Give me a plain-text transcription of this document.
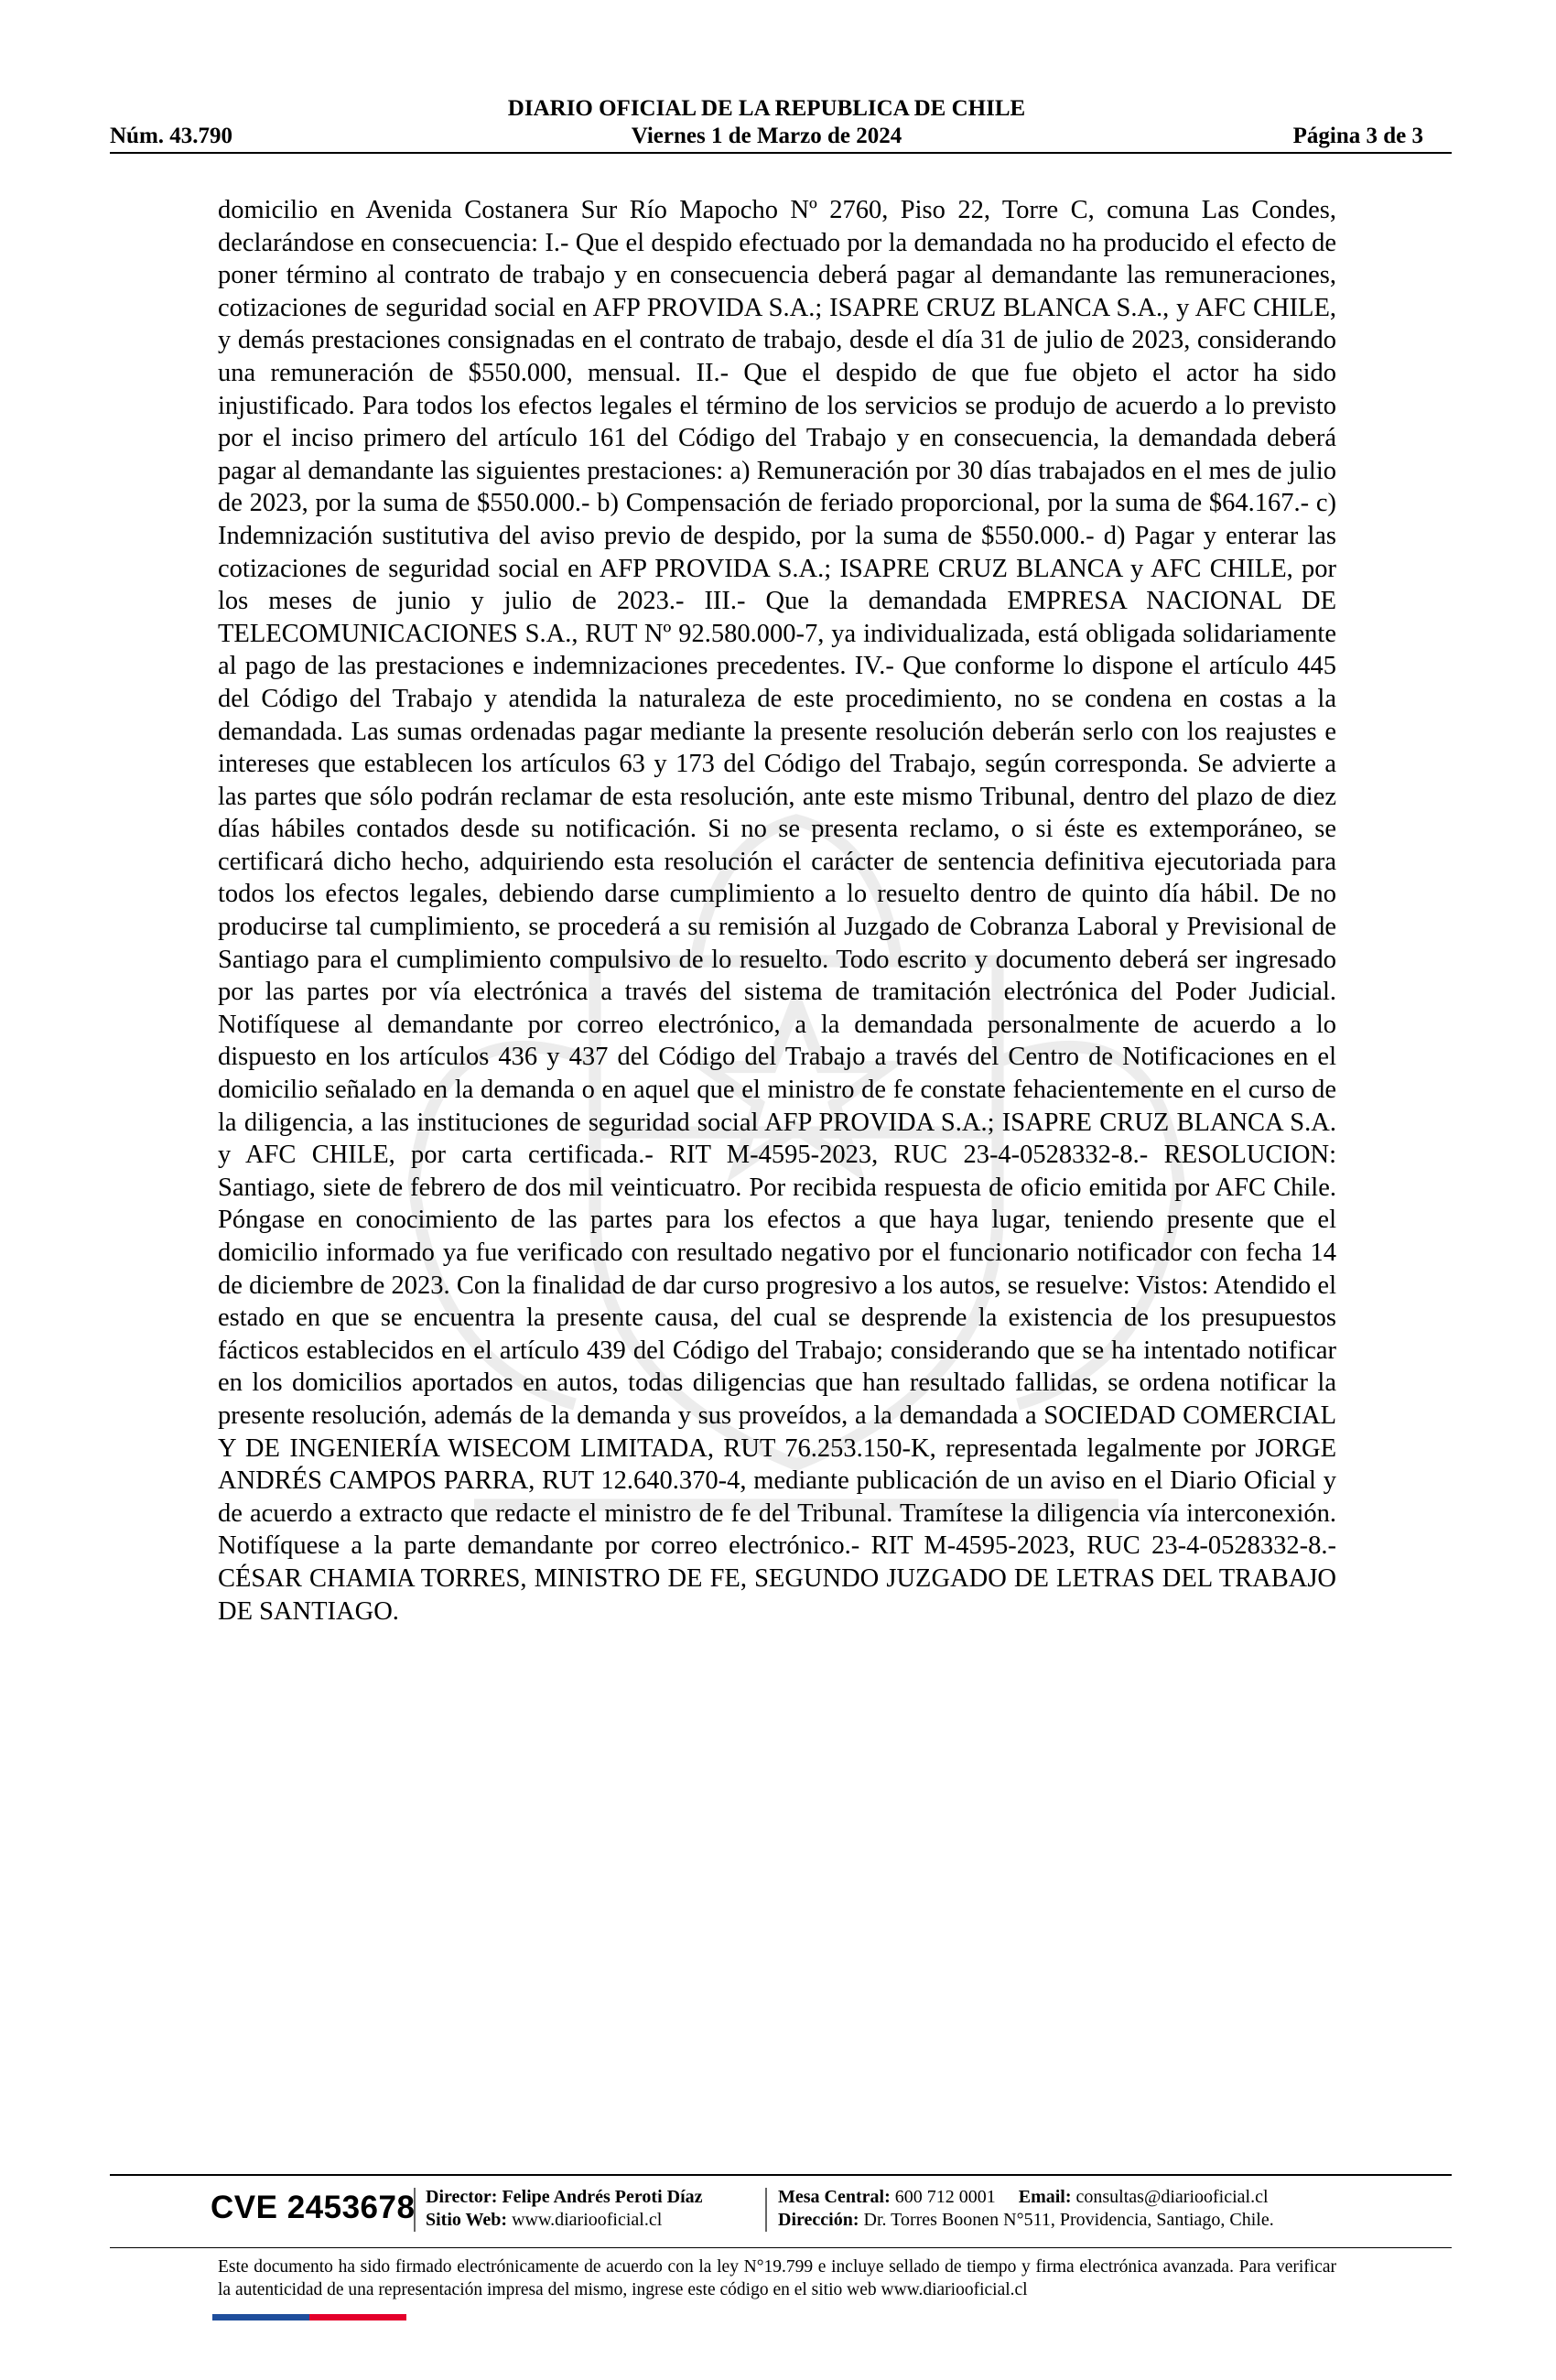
DIARIO OFICIAL DE LA REPUBLICA DE CHILE
Núm. 43.790	Viernes 1 de Marzo de 2024	Página 3 de 3
domicilio en Avenida Costanera Sur Río Mapocho Nº 2760, Piso 22, Torre C, comuna Las Condes, declarándose en consecuencia: I.- Que el despido efectuado por la demandada no ha producido el efecto de poner término al contrato de trabajo y en consecuencia deberá pagar al demandante las remuneraciones, cotizaciones de seguridad social en AFP PROVIDA S.A.; ISAPRE CRUZ BLANCA S.A., y AFC CHILE, y demás prestaciones consignadas en el contrato de trabajo, desde el día 31 de julio de 2023, considerando una remuneración de $550.000, mensual. II.- Que el despido de que fue objeto el actor ha sido injustificado. Para todos los efectos legales el término de los servicios se produjo de acuerdo a lo previsto por el inciso primero del artículo 161 del Código del Trabajo y en consecuencia, la demandada deberá pagar al demandante las siguientes prestaciones: a) Remuneración por 30 días trabajados en el mes de julio de 2023, por la suma de $550.000.- b) Compensación de feriado proporcional, por la suma de $64.167.- c) Indemnización sustitutiva del aviso previo de despido, por la suma de $550.000.- d) Pagar y enterar las cotizaciones de seguridad social en AFP PROVIDA S.A.; ISAPRE CRUZ BLANCA y AFC CHILE, por los meses de junio y julio de 2023.- III.- Que la demandada EMPRESA NACIONAL DE TELECOMUNICACIONES S.A., RUT Nº 92.580.000-7, ya individualizada, está obligada solidariamente al pago de las prestaciones e indemnizaciones precedentes. IV.- Que conforme lo dispone el artículo 445 del Código del Trabajo y atendida la naturaleza de este procedimiento, no se condena en costas a la demandada. Las sumas ordenadas pagar mediante la presente resolución deberán serlo con los reajustes e intereses que establecen los artículos 63 y 173 del Código del Trabajo, según corresponda. Se advierte a las partes que sólo podrán reclamar de esta resolución, ante este mismo Tribunal, dentro del plazo de diez días hábiles contados desde su notificación. Si no se presenta reclamo, o si éste es extemporáneo, se certificará dicho hecho, adquiriendo esta resolución el carácter de sentencia definitiva ejecutoriada para todos los efectos legales, debiendo darse cumplimiento a lo resuelto dentro de quinto día hábil. De no producirse tal cumplimiento, se procederá a su remisión al Juzgado de Cobranza Laboral y Previsional de Santiago para el cumplimiento compulsivo de lo resuelto. Todo escrito y documento deberá ser ingresado por las partes por vía electrónica a través del sistema de tramitación electrónica del Poder Judicial. Notifíquese al demandante por correo electrónico, a la demandada personalmente de acuerdo a lo dispuesto en los artículos 436 y 437 del Código del Trabajo a través del Centro de Notificaciones en el domicilio señalado en la demanda o en aquel que el ministro de fe constate fehacientemente en el curso de la diligencia, a las instituciones de seguridad social AFP PROVIDA S.A.; ISAPRE CRUZ BLANCA S.A. y AFC CHILE, por carta certificada.- RIT M-4595-2023, RUC 23-4-0528332-8.- RESOLUCION: Santiago, siete de febrero de dos mil veinticuatro. Por recibida respuesta de oficio emitida por AFC Chile. Póngase en conocimiento de las partes para los efectos a que haya lugar, teniendo presente que el domicilio informado ya fue verificado con resultado negativo por el funcionario notificador con fecha 14 de diciembre de 2023. Con la finalidad de dar curso progresivo a los autos, se resuelve: Vistos: Atendido el estado en que se encuentra la presente causa, del cual se desprende la existencia de los presupuestos fácticos establecidos en el artículo 439 del Código del Trabajo; considerando que se ha intentado notificar en los domicilios aportados en autos, todas diligencias que han resultado fallidas, se ordena notificar la presente resolución, además de la demanda y sus proveídos, a la demandada a SOCIEDAD COMERCIAL Y DE INGENIERÍA WISECOM LIMITADA, RUT 76.253.150-K, representada legalmente por JORGE ANDRÉS CAMPOS PARRA, RUT 12.640.370-4, mediante publicación de un aviso en el Diario Oficial y de acuerdo a extracto que redacte el ministro de fe del Tribunal. Tramítese la diligencia vía interconexión. Notifíquese a la parte demandante por correo electrónico.- RIT M-4595-2023, RUC 23-4-0528332-8.- CÉSAR CHAMIA TORRES, MINISTRO DE FE, SEGUNDO JUZGADO DE LETRAS DEL TRABAJO DE SANTIAGO.
CVE 2453678 Director: Felipe Andrés Peroti Díaz
Sitio Web: www.diariooficial.cl
Mesa Central: 600 712 0001 Email: consultas@diariooficial.cl
Dirección: Dr. Torres Boonen N°511, Providencia, Santiago, Chile.
Este documento ha sido firmado electrónicamente de acuerdo con la ley N°19.799 e incluye sellado de tiempo y firma electrónica avanzada. Para verificar la autenticidad de una representación impresa del mismo, ingrese este código en el sitio web www.diariooficial.cl
